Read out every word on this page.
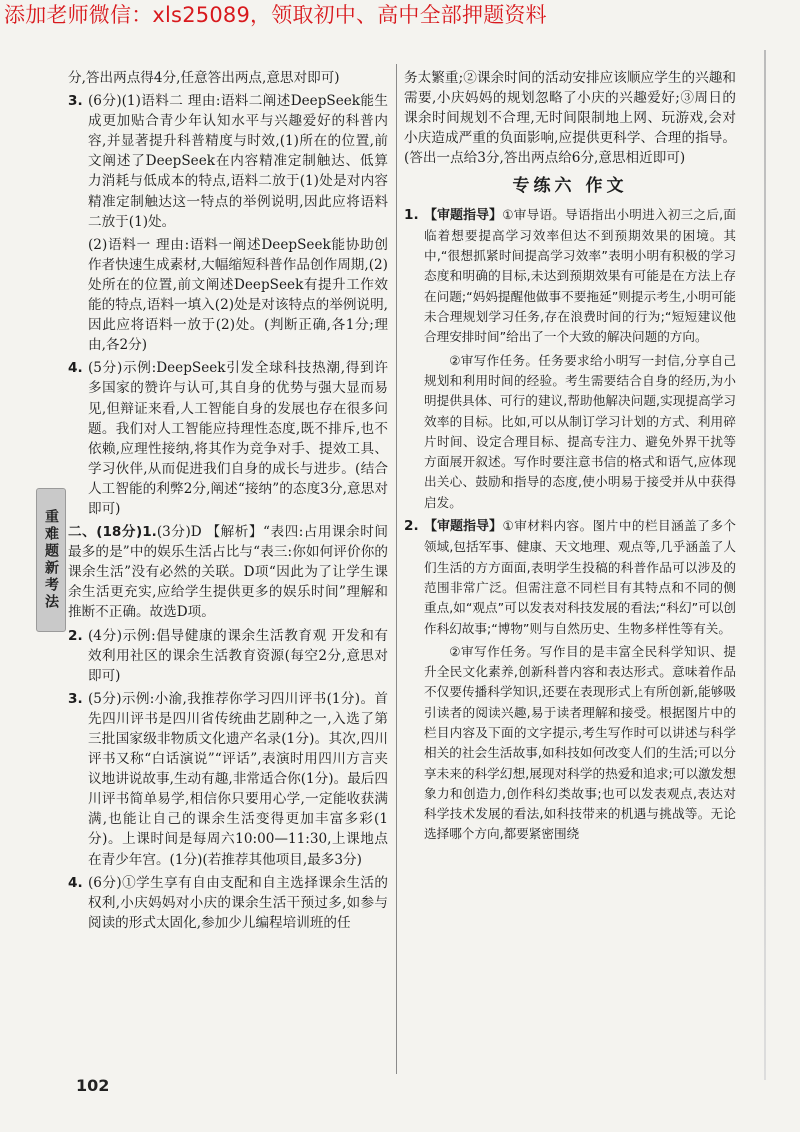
添加老师微信：xls25089，领取初中、高中全部押题资料
重难题新考法

分,答出两点得4分,任意答出两点,意思对即可)

3. (6分)(1)语料二 理由:语料二阐述DeepSeek能生成更加贴合青少年认知水平与兴趣爱好的科普内容,并显著提升科普精度与时效,(1)所在的位置,前文阐述了DeepSeek在内容精准定制触达、低算力消耗与低成本的特点,语料二放于(1)处是对内容精准定制触达这一特点的举例说明,因此应将语料二放于(1)处。

(2)语料一 理由:语料一阐述DeepSeek能协助创作者快速生成素材,大幅缩短科普作品创作周期,(2)处所在的位置,前文阐述DeepSeek有提升工作效能的特点,语料一填入(2)处是对该特点的举例说明,因此应将语料一放于(2)处。(判断正确,各1分;理由,各2分)

4. (5分)示例:DeepSeek引发全球科技热潮,得到许多国家的赞许与认可,其自身的优势与强大显而易见,但辩证来看,人工智能自身的发展也存在很多问题。我们对人工智能应持理性态度,既不排斥,也不依赖,应理性接纳,将其作为竞争对手、提效工具、学习伙伴,从而促进我们自身的成长与进步。(结合人工智能的利弊2分,阐述“接纳”的态度3分,意思对即可)

二、(18分)1.(3分)D 【解析】“表四:占用课余时间最多的是”中的娱乐生活占比与“表三:你如何评价你的课余生活”没有必然的关联。D项“因此为了让学生课余生活更充实,应给学生提供更多的娱乐时间”理解和推断不正确。故选D项。

2. (4分)示例:倡导健康的课余生活教育观 开发和有效利用社区的课余生活教育资源(每空2分,意思对即可)

3. (5分)示例:小渝,我推荐你学习四川评书(1分)。首先四川评书是四川省传统曲艺剧种之一,入选了第三批国家级非物质文化遗产名录(1分)。其次,四川评书又称“白话演说”“评话”,表演时用四川方言夹议地讲说故事,生动有趣,非常适合你(1分)。最后四川评书简单易学,相信你只要用心学,一定能收获满满,也能让自己的课余生活变得更加丰富多彩(1分)。上课时间是每周六10:00—11:30,上课地点在青少年宫。(1分)(若推荐其他项目,最多3分)

4. (6分)①学生享有自由支配和自主选择课余生活的权利,小庆妈妈对小庆的课余生活干预过多,如参与阅读的形式太固化,参加少儿编程培训班的任

务太繁重;②课余时间的活动安排应该顺应学生的兴趣和需要,小庆妈妈的规划忽略了小庆的兴趣爱好;③周日的课余时间规划不合理,无时间限制地上网、玩游戏,会对小庆造成严重的负面影响,应提供更科学、合理的指导。(答出一点给3分,答出两点给6分,意思相近即可)

专练六 作文
1. 【审题指导】①审导语。导语指出小明进入初三之后,面临着想要提高学习效率但达不到预期效果的困境。其中,“很想抓紧时间提高学习效率”表明小明有积极的学习态度和明确的目标,未达到预期效果有可能是在方法上存在问题;“妈妈提醒他做事不要拖延”则提示考生,小明可能未合理规划学习任务,存在浪费时间的行为;“短短建议他合理安排时间”给出了一个大致的解决问题的方向。

②审写作任务。任务要求给小明写一封信,分享自己规划和利用时间的经验。考生需要结合自身的经历,为小明提供具体、可行的建议,帮助他解决问题,实现提高学习效率的目标。比如,可以从制订学习计划的方式、利用碎片时间、设定合理目标、提高专注力、避免外界干扰等方面展开叙述。写作时要注意书信的格式和语气,应体现出关心、鼓励和指导的态度,使小明易于接受并从中获得启发。

2. 【审题指导】①审材料内容。图片中的栏目涵盖了多个领域,包括军事、健康、天文地理、观点等,几乎涵盖了人们生活的方方面面,表明学生投稿的科普作品可以涉及的范围非常广泛。但需注意不同栏目有其特点和不同的侧重点,如“观点”可以发表对科技发展的看法;“科幻”可以创作科幻故事;“博物”则与自然历史、生物多样性等有关。

②审写作任务。写作目的是丰富全民科学知识、提升全民文化素养,创新科普内容和表达形式。意味着作品不仅要传播科学知识,还要在表现形式上有所创新,能够吸引读者的阅读兴趣,易于读者理解和接受。根据图片中的栏目内容及下面的文字提示,考生写作时可以讲述与科学相关的社会生活故事,如科技如何改变人们的生活;可以分享未来的科学幻想,展现对科学的热爱和追求;可以激发想象力和创造力,创作科幻类故事;也可以发表观点,表达对科学技术发展的看法,如科技带来的机遇与挑战等。无论选择哪个方向,都要紧密围绕

102
